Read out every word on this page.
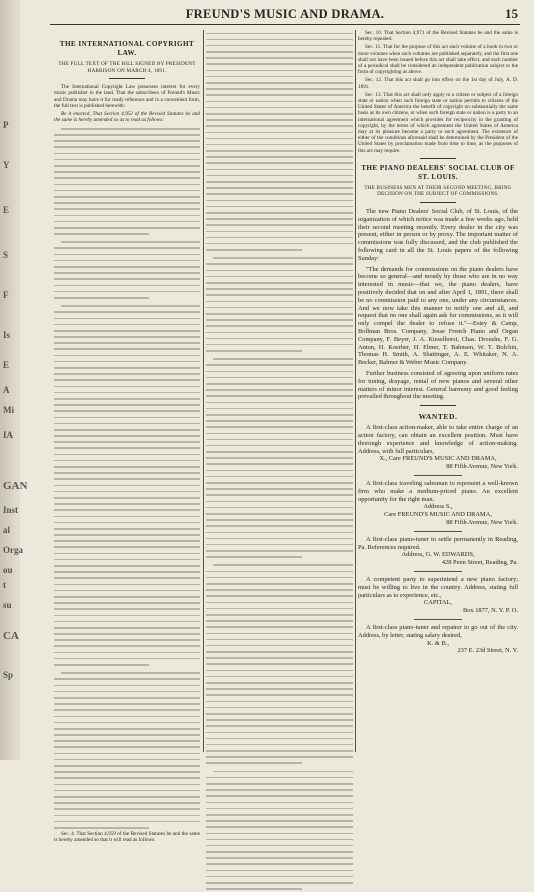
P
Y
E
S
F
Is
E
A
Mi
IA
GAN
Inst
al
Orga
ou
t
su
CA
Sp
FREUND'S MUSIC AND DRAMA.	15
THE INTERNATIONAL COPYRIGHT LAW.
THE FULL TEXT OF THE BILL SIGNED BY PRESIDENT HARRISON ON MARCH 4, 1891.

The International Copyright Law possesses interest for every music publisher in the land. That the subscribers of Freund's Music and Drama may have it for ready reference and in a convenient form, the full text is published herewith:

Be it enacted, That Section 4,952 of the Revised Statutes be and the same is hereby amended so as to read as follows:

Sec. 4. That Section 4,959 of the Revised Statutes be and the same is hereby amended so that it will read as follows:

Sec. 10. That Section 4,971 of the Revised Statutes be and the same is hereby repealed.

Sec. 11. That for the purpose of this act each volume of a book in two or more volumes when such volumes are published separately, and the first one shall not have been issued before this act shall take effect, and each number of a periodical shall be considered an independent publication subject to the form of copyrighting as above.

Sec. 12. That this act shall go into effect on the 1st day of July, A. D. 1891.

Sec. 13. That this act shall only apply to a citizen or subject of a foreign state or nation when such foreign state or nation permits to citizens of the United States of America the benefit of copyright on substantially the same basis as its own citizens, or when such foreign state or nation is a party to an international agreement which provides for reciprocity in the granting of copyright, by the terms of which agreement the United States of America may at its pleasure become a party to such agreement. The existence of either of the conditions aforesaid shall be determined by the President of the United States by proclamation made from time to time, as the purposes of this act may require.

THE PIANO DEALERS' SOCIAL CLUB OF ST. LOUIS.
THE BUSINESS MEN AT THEIR SECOND MEETING, BRING DECISION ON THE SUBJECT OF COMMISSIONS.

The new Piano Dealers' Social Club, of St. Louis, of the organization of which notice was made a few weeks ago, held their second meeting recently. Every dealer in the city was present, either in person or by proxy. The important matter of commissions was fully discussed, and the club published the following card in all the St. Louis papers of the following Sunday:

"The demands for commissions on the piano dealers have become so general—and mostly by those who are in no way interested in music—that we, the piano dealers, have positively decided that on and after April 1, 1891, there shall be no commission paid to any one, under any circumstances. And we now take this manner to notify one and all, and request that no one shall again ask for commissions, as it will only compel the dealer to refuse it."—Estey & Camp, Bollman Bros. Company, Jesse French Piano and Organ Company, F. Beyer, J. A. Kieselhorst, Chas. Droushe, F. G. Anton, H. Koerber, H. Ebner, T. Bahnsen, W. T. Bolchin, Thomas H. Smith, A. Shattinger, A. E. Whitaker, N. A. Becker, Balmer & Weber Music Company.

Further business consisted of agreeing upon uniform rates for tuning, drayage, rental of new pianos and several other matters of minor interest. General harmony and good feeling prevailed throughout the meeting.

WANTED.

A first-class action-maker, able to take entire charge of an action factory, can obtain an excellent position. Must have thorough experience and knowledge of action-making. Address, with full particulars,

X., Care FREUND'S MUSIC AND DRAMA,

88 Fifth Avenue, New York.

A first-class traveling salesman to represent a well-known firm who make a medium-priced piano. An excellent opportunity for the right man.

Address S.,

Care FREUND'S MUSIC AND DRAMA,

88 Fifth Avenue, New York.

A first-class piano-tuner to settle permanently in Reading, Pa. References required.

Address, G. W. EDWARDS,

428 Penn Street, Reading, Pa.

A competent party to superintend a new piano factory; must be willing to live in the country. Address, stating full particulars as to experience, etc.,

CAPITAL,

Box 1877, N. Y. P. O.

A first-class piano-tuner and repairer to go out of the city. Address, by letter, stating salary desired,

K. & B.,

237 E. 23d Street, N. Y.
